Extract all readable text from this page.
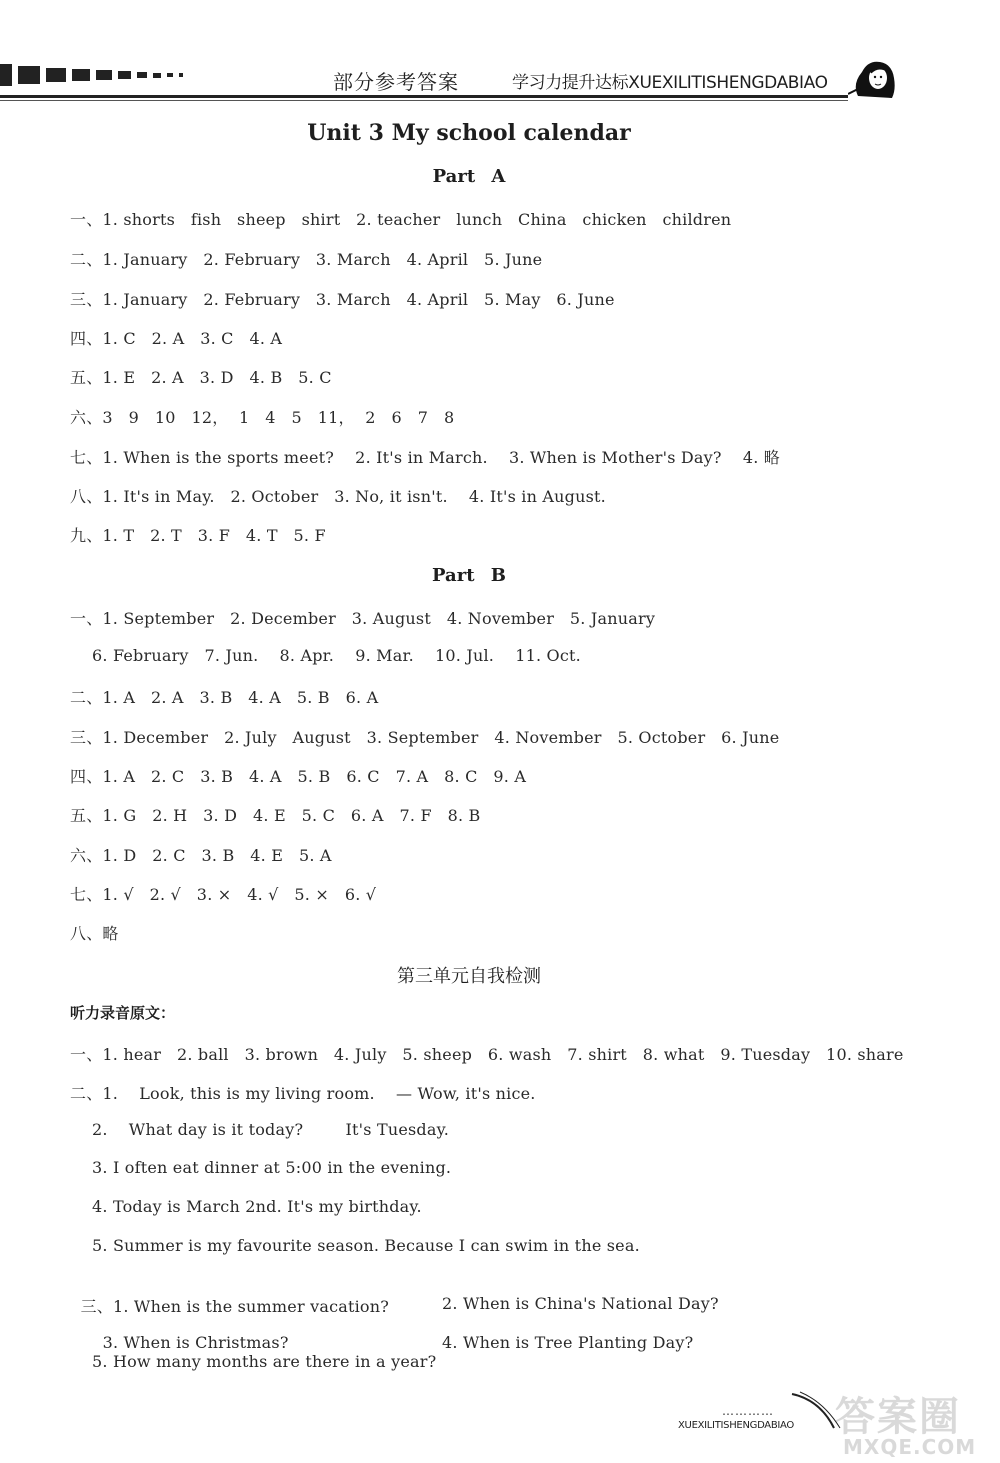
部分参考答案	学习力提升达标XUEXILITISHENGDABIAO
Unit 3 My school calendar
Part A
一、1. shorts   fish   sheep   shirt   2. teacher   lunch   China   chicken   children
二、1. January   2. February   3. March   4. April   5. June
三、1. January   2. February   3. March   4. April   5. May   6. June
四、1. C   2. A   3. C   4. A
五、1. E   2. A   3. D   4. B   5. C
六、3   9   10   12，  1   4   5   11，  2   6   7   8
七、1. When is the sports meet?    2. It's in March.    3. When is Mother's Day?    4. 略
八、1. It's in May.   2. October   3. No, it isn't.    4. It's in August.
九、1. T   2. T   3. F   4. T   5. F
Part B
一、1. September   2. December   3. August   4. November   5. January
6. February   7. Jun.    8. Apr.    9. Mar.    10. Jul.    11. Oct.
二、1. A   2. A   3. B   4. A   5. B   6. A
三、1. December   2. July   August   3. September   4. November   5. October   6. June
四、1. A   2. C   3. B   4. A   5. B   6. C   7. A   8. C   9. A
五、1. G   2. H   3. D   4. E   5. C   6. A   7. F   8. B
六、1. D   2. C   3. B   4. E   5. A
七、1. √   2. √   3. ×   4. √   5. ×   6. √
八、略
第三单元自我检测
听力录音原文：
一、1. hear   2. ball   3. brown   4. July   5. sheep   6. wash   7. shirt   8. what   9. Tuesday   10. share
二、1.    Look, this is my living room.    — Wow, it's nice.
2.    What day is it today?        It's Tuesday.
3. I often eat dinner at 5:00 in the evening.
4. Today is March 2nd. It's my birthday.
5. Summer is my favourite season. Because I can swim in the sea.

三、1. When is the summer vacation?	2. When is China's National Day?

3. When is Christmas?	4. When is Tree Planting Day?

5. How many months are there in a year?
…………
XUEXILITISHENGDABIAO 答案圈
MXQE.COM
